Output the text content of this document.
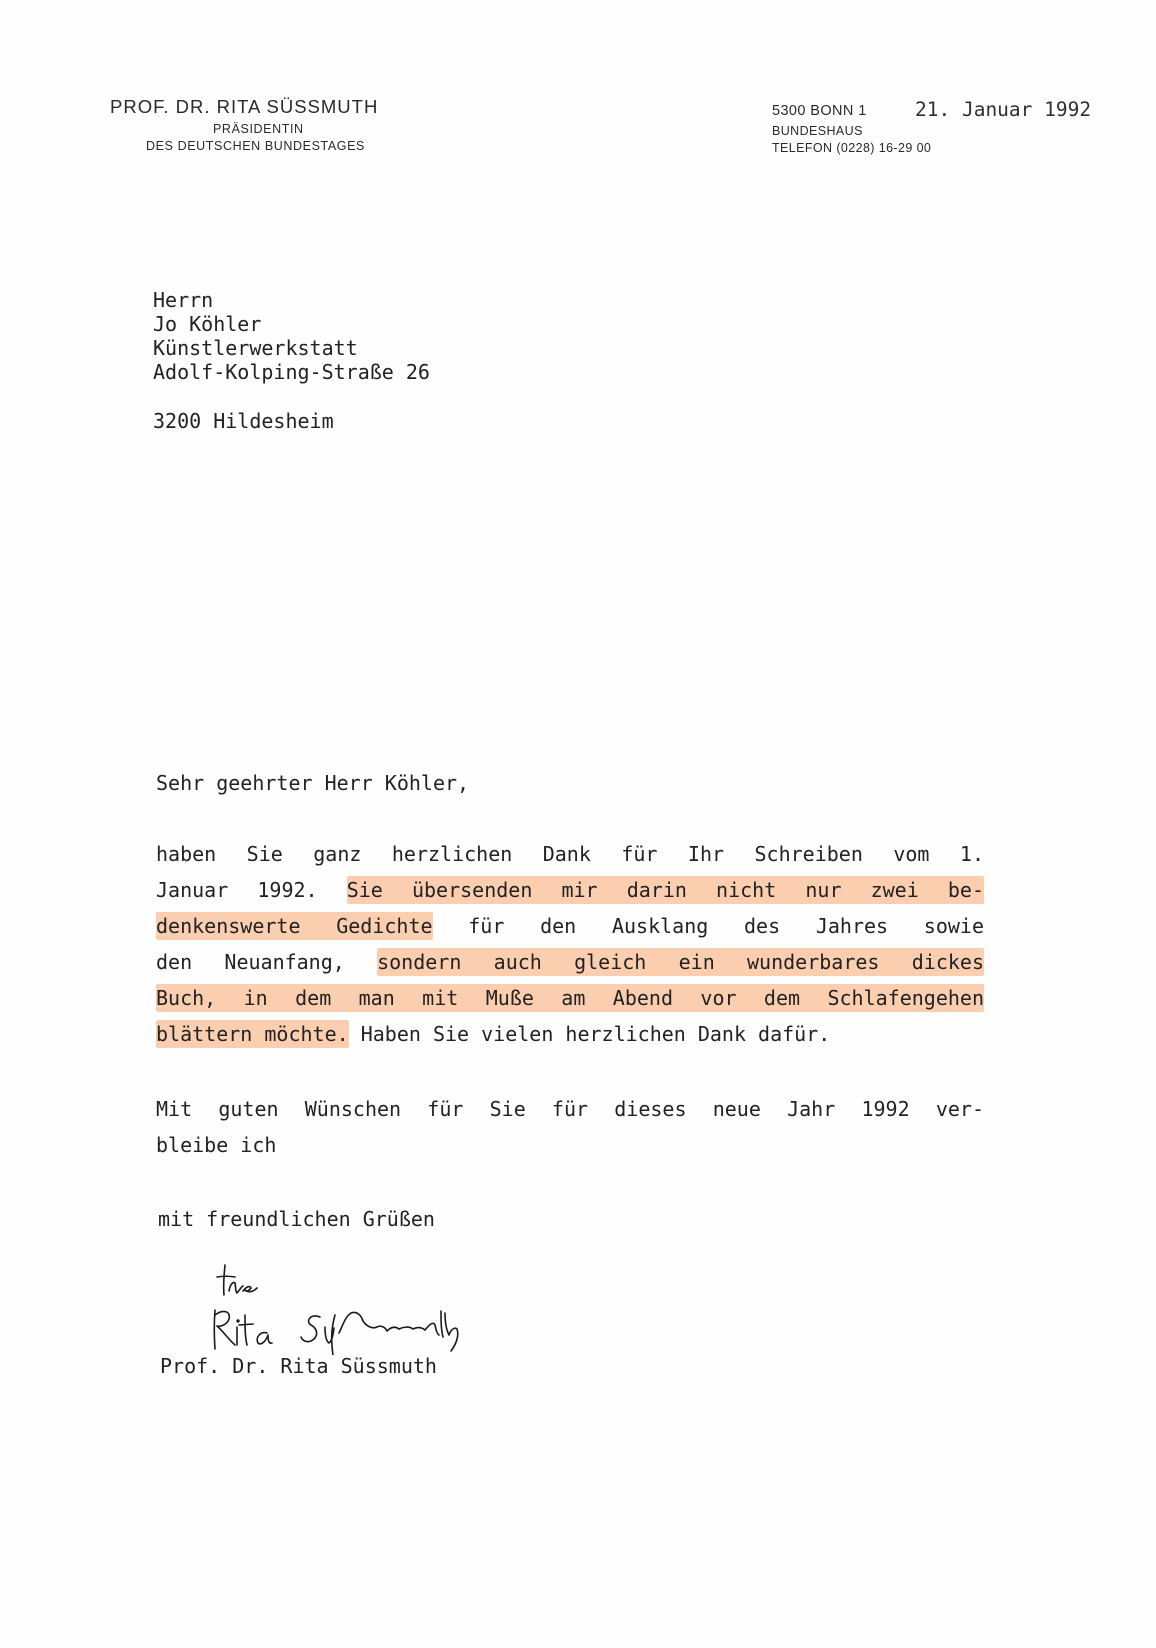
PROF. DR. RITA SÜSSMUTH
PRÄSIDENTIN
DES DEUTSCHEN BUNDESTAGES
5300 BONN 1
BUNDESHAUS
TELEFON (0228) 16-29 00
21. Januar 1992
Herrn
Jo Köhler
Künstlerwerkstatt
Adolf-Kolping-Straße 26
3200 Hildesheim
Sehr geehrter Herr Köhler,
haben Sie ganz herzlichen Dank für Ihr Schreiben vom 1.
Januar 1992. Sie übersenden mir darin nicht nur zwei be-
denkenswerte Gedichte für den Ausklang des Jahres sowie
den Neuanfang, sondern auch gleich ein wunderbares dickes
Buch, in dem man mit Muße am Abend vor dem Schlafengehen
blättern möchte. Haben Sie vielen herzlichen Dank dafür.
Mit guten Wünschen für Sie für dieses neue Jahr 1992 ver-
bleibe ich
mit freundlichen Grüßen
Prof. Dr. Rita Süssmuth
